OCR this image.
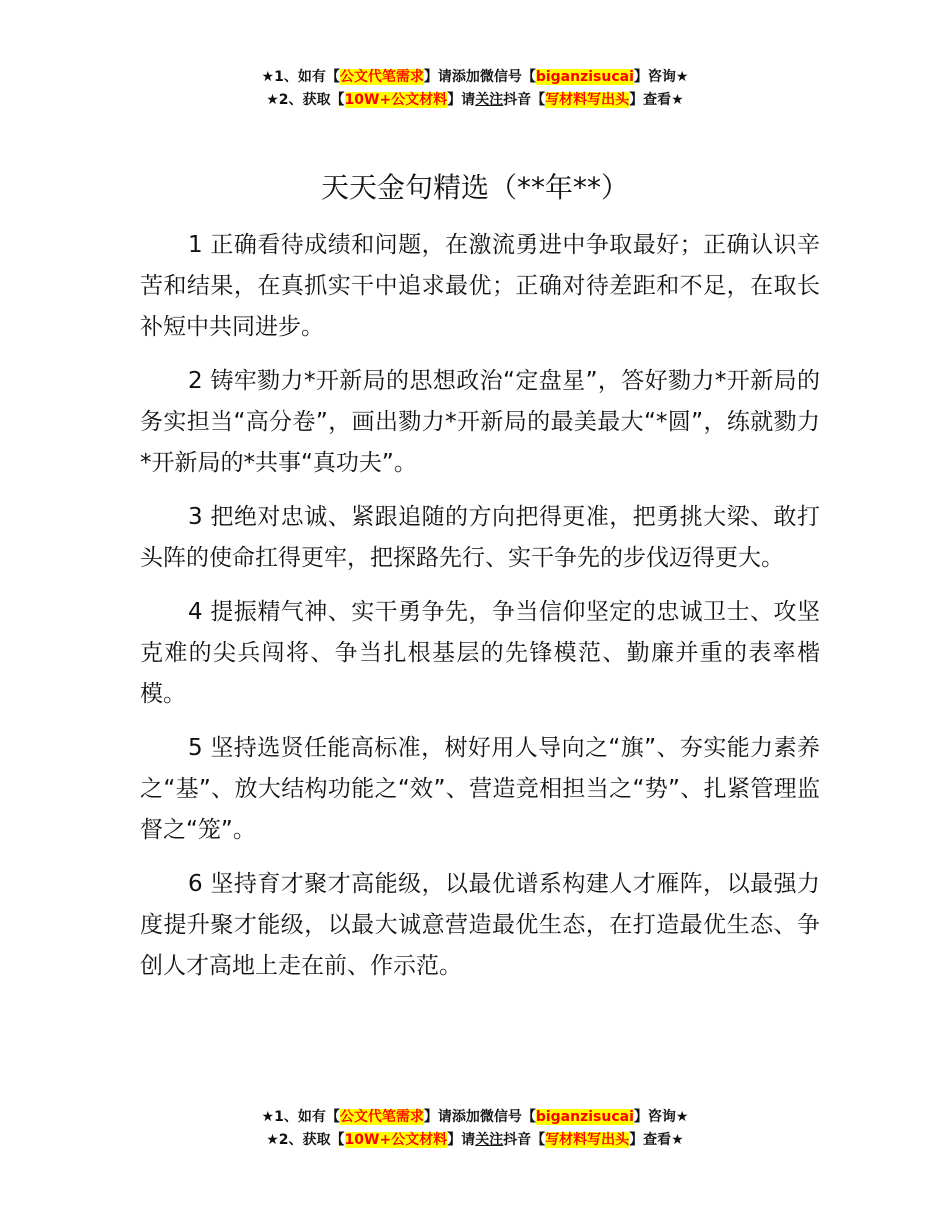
★1、如有【公文代笔需求】请添加微信号【biganzisucai】咨询★
★2、获取【10W+公文材料】请关注抖音【写材料写出头】查看★
天天金句精选（**年**）

1 正确看待成绩和问题，在激流勇进中争取最好；正确认识辛苦和结果，在真抓实干中追求最优；正确对待差距和不足，在取长补短中共同进步。

2 铸牢勠力*开新局的思想政治“定盘星”，答好勠力*开新局的务实担当“高分卷”，画出勠力*开新局的最美最大“*圆”，练就勠力*开新局的*共事“真功夫”。

3 把绝对忠诚、紧跟追随的方向把得更准，把勇挑大梁、敢打头阵的使命扛得更牢，把探路先行、实干争先的步伐迈得更大。

4 提振精气神、实干勇争先，争当信仰坚定的忠诚卫士、攻坚克难的尖兵闯将、争当扎根基层的先锋模范、勤廉并重的表率楷模。

5 坚持选贤任能高标准，树好用人导向之“旗”、夯实能力素养之“基”、放大结构功能之“效”、营造竞相担当之“势”、扎紧管理监督之“笼”。

6 坚持育才聚才高能级，以最优谱系构建人才雁阵，以最强力度提升聚才能级，以最大诚意营造最优生态，在打造最优生态、争创人才高地上走在前、作示范。

★1、如有【公文代笔需求】请添加微信号【biganzisucai】咨询★
★2、获取【10W+公文材料】请关注抖音【写材料写出头】查看★
